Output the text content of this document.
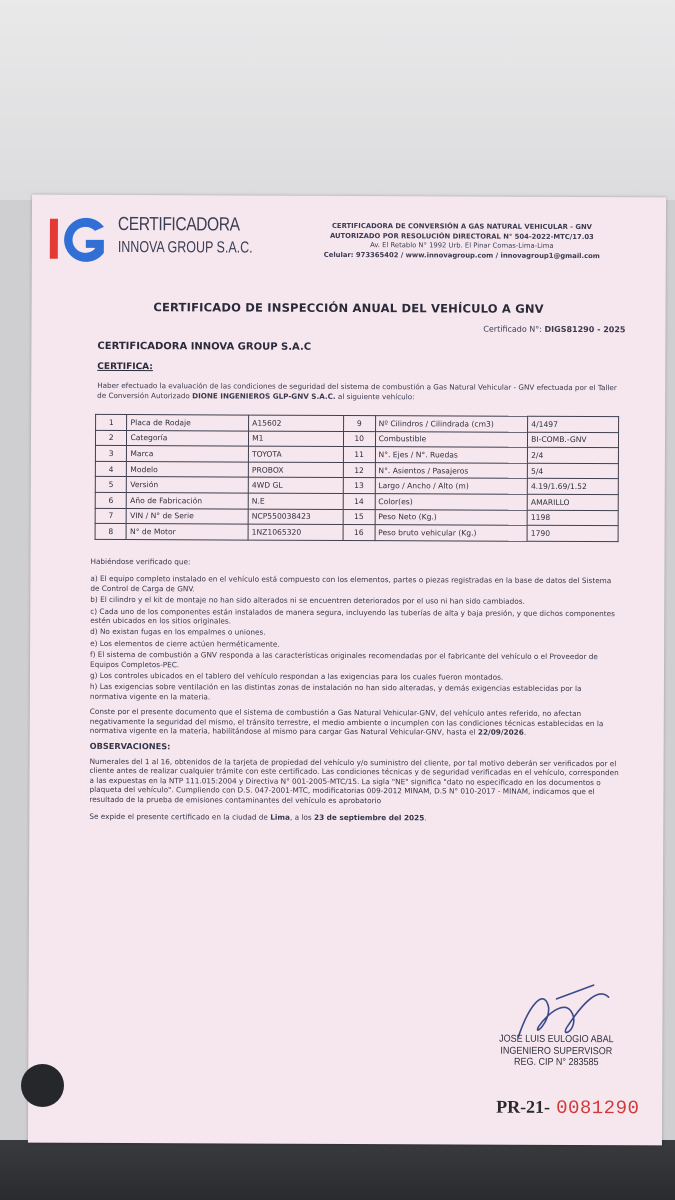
CERTIFICADORA
INNOVA GROUP S.A.C.
CERTIFICADORA DE CONVERSIÓN A GAS NATURAL VEHICULAR - GNV
AUTORIZADO POR RESOLUCIÓN DIRECTORAL N° 504-2022-MTC/17.03
Av. El Retablo N° 1992 Urb. El Pinar Comas-Lima-Lima
Celular: 973365402 / www.innovagroup.com / innovagroup1@gmail.com
CERTIFICADO DE INSPECCIÓN ANUAL DEL VEHÍCULO A GNV
Certificado N°: DIGS81290 - 2025
CERTIFICADORA INNOVA GROUP S.A.C
CERTIFICA:
Haber efectuado la evaluación de las condiciones de seguridad del sistema de combustión a Gas Natural Vehicular - GNV efectuada por el Taller de Conversión Autorizado DIONE INGENIEROS GLP-GNV S.A.C. al siguiente vehículo:
1	Placa de Rodaje	A15602	9	Nº Cilindros / Cilindrada (cm3)	4/1497
2	Categoría	M1	10	Combustible	BI-COMB.-GNV
3	Marca	TOYOTA	11	N°. Ejes / N°. Ruedas	2/4
4	Modelo	PROBOX	12	N°. Asientos / Pasajeros	5/4
5	Versión	4WD GL	13	Largo / Ancho / Alto (m)	4.19/1.69/1.52
6	Año de Fabricación	N.E	14	Color(es)	AMARILLO
7	VIN / N° de Serie	NCP550038423	15	Peso Neto (Kg.)	1198
8	N° de Motor	1NZ1065320	16	Peso bruto vehicular (Kg.)	1790

Habiéndose verificado que:

a) El equipo completo instalado en el vehículo está compuesto con los elementos, partes o piezas registradas en la base de datos del Sistema de Control de Carga de GNV.

b) El cilindro y el kit de montaje no han sido alterados ni se encuentren deteriorados por el uso ni han sido cambiados.

c) Cada uno de los componentes están instalados de manera segura, incluyendo las tuberías de alta y baja presión, y que dichos componentes estén ubicados en los sitios originales.

d) No existan fugas en los empalmes o uniones.

e) Los elementos de cierre actúen herméticamente.

f) El sistema de combustión a GNV responda a las características originales recomendadas por el fabricante del vehículo o el Proveedor de Equipos Completos-PEC.

g) Los controles ubicados en el tablero del vehículo respondan a las exigencias para los cuales fueron montados.

h) Las exigencias sobre ventilación en las distintas zonas de instalación no han sido alteradas, y demás exigencias establecidas por la normativa vigente en la materia.

Conste por el presente documento que el sistema de combustión a Gas Natural Vehicular-GNV, del vehículo antes referido, no afectan negativamente la seguridad del mismo, el tránsito terrestre, el medio ambiente o incumplen con las condiciones técnicas establecidas en la normativa vigente en la materia, habilitándose al mismo para cargar Gas Natural Vehicular-GNV, hasta el 22/09/2026.

OBSERVACIONES:

Numerales del 1 al 16, obtenidos de la tarjeta de propiedad del vehículo y/o suministro del cliente, por tal motivo deberán ser verificados por el cliente antes de realizar cualquier trámite con este certificado. Las condiciones técnicas y de seguridad verificadas en el vehículo, corresponden a las expuestas en la NTP 111.015:2004 y Directiva N° 001-2005-MTC/15. La sigla "NE" significa "dato no especificado en los documentos o plaqueta del vehículo". Cumpliendo con D.S. 047-2001-MTC, modificatorias 009-2012 MINAM, D.S N° 010-2017 - MINAM, indicamos que el resultado de la prueba de emisiones contaminantes del vehículo es aprobatorio

Se expide el presente certificado en la ciudad de Lima, a los 23 de septiembre del 2025.

JOSE LUIS EULOGIO ABAL
INGENIERO SUPERVISOR
REG. CIP N° 283585
PR-21- 0081290
